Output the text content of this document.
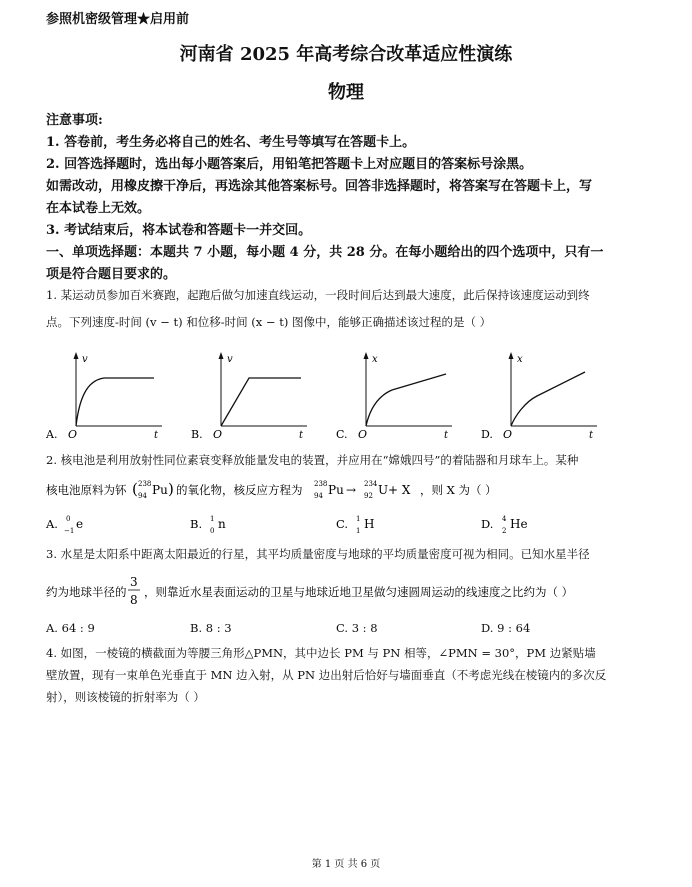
参照机密级管理★启用前
河南省 2025 年高考综合改革适应性演练
物理
注意事项:
1. 答卷前，考生务必将自己的姓名、考生号等填写在答题卡上。
2. 回答选择题时，选出每小题答案后，用铅笔把答题卡上对应题目的答案标号涂黑。
如需改动，用橡皮擦干净后，再选涂其他答案标号。回答非选择题时，将答案写在答题卡上，写
在本试卷上无效。
3. 考试结束后，将本试卷和答题卡一并交回。
一、单项选择题：本题共 7 小题，每小题 4 分，共 28 分。在每小题给出的四个选项中，只有一
项是符合题目要求的。
1. 某运动员参加百米赛跑，起跑后做匀加速直线运动，一段时间后达到最大速度，此后保持该速度运动到终
点。下列速度-时间 (v − t) 和位移-时间 (x − t) 图像中，能够正确描述该过程的是（ ）
A.
v
O	t	B.
v
O	t	C.
x
O	t	D.
x
O	t
2. 核电池是利用放射性同位素衰变释放能量发电的装置，并应用在“嫦娥四号”的着陆器和月球车上。某种
核电池原料为钚 ( 238
94 Pu ) 的氧化物，核反应方程为 238
94 Pu → 234
92 U + X ，则 X 为（ ）
A. 0
−1 e	B. 1
0 n	C. 1
1 H	D. 4
2 He
3. 水星是太阳系中距离太阳最近的行星，其平均质量密度与地球的平均质量密度可视为相同。已知水星半径
约为地球半径的
3
8
，则靠近水星表面运动的卫星与地球近地卫星做匀速圆周运动的线速度之比约为（ ）
A. 64 : 9	B. 8 : 3	C. 3 : 8	D. 9 : 64
4. 如图，一棱镜的横截面为等腰三角形△PMN，其中边长 PM 与 PN 相等，∠PMN = 30°，PM 边紧贴墙
壁放置，现有一束单色光垂直于 MN 边入射，从 PN 边出射后恰好与墙面垂直（不考虑光线在棱镜内的多次反
射），则该棱镜的折射率为（ ）
第 1 页 共 6 页
